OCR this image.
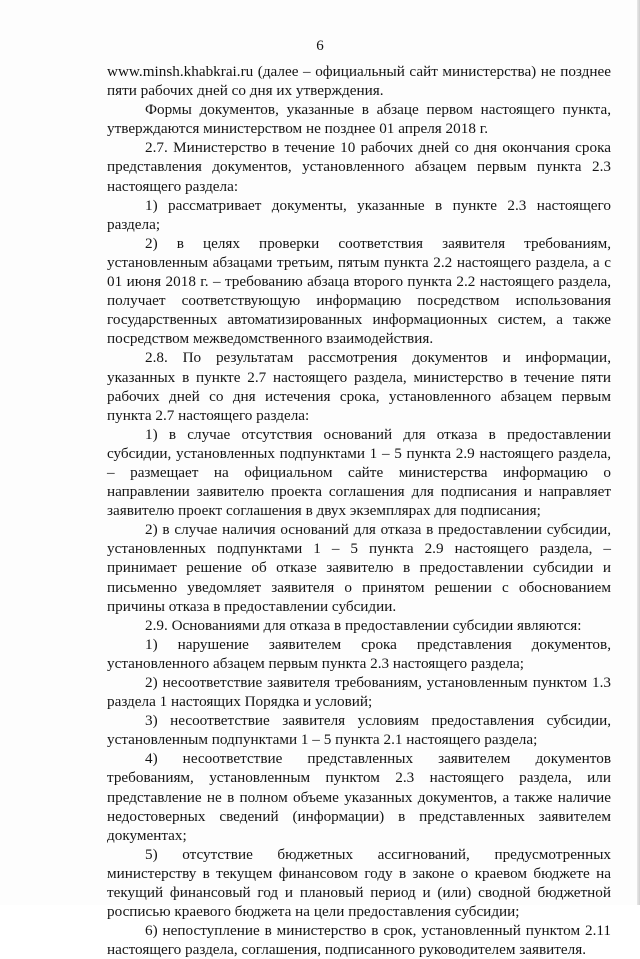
6

www.minsh.khabkrai.ru (далее – официальный сайт министерства) не позднее пяти рабочих дней со дня их утверждения.

Формы документов, указанные в абзаце первом настоящего пункта, утверждаются министерством не позднее 01 апреля 2018 г.

2.7. Министерство в течение 10 рабочих дней со дня окончания срока представления документов, установленного абзацем первым пункта 2.3 настоящего раздела:

1) рассматривает документы, указанные в пункте 2.3 настоящего раздела;

2) в целях проверки соответствия заявителя требованиям, установленным абзацами третьим, пятым пункта 2.2 настоящего раздела, а с 01 июня 2018 г. – требованию абзаца второго пункта 2.2 настоящего раздела, получает соответствующую информацию посредством использования государственных автоматизированных информационных систем, а также посредством межведомственного взаимодействия.

2.8. По результатам рассмотрения документов и информации, указанных в пункте 2.7 настоящего раздела, министерство в течение пяти рабочих дней со дня истечения срока, установленного абзацем первым пункта 2.7 настоящего раздела:

1) в случае отсутствия оснований для отказа в предоставлении субсидии, установленных подпунктами 1 – 5 пункта 2.9 настоящего раздела, – размещает на официальном сайте министерства информацию о направлении заявителю проекта соглашения для подписания и направляет заявителю проект соглашения в двух экземплярах для подписания;

2) в случае наличия оснований для отказа в предоставлении субсидии, установленных подпунктами 1 – 5 пункта 2.9 настоящего раздела, – принимает решение об отказе заявителю в предоставлении субсидии и письменно уведомляет заявителя о принятом решении с обоснованием причины отказа в предоставлении субсидии.

2.9. Основаниями для отказа в предоставлении субсидии являются:

1) нарушение заявителем срока представления документов, установленного абзацем первым пункта 2.3 настоящего раздела;

2) несоответствие заявителя требованиям, установленным пунктом 1.3 раздела 1 настоящих Порядка и условий;

3) несоответствие заявителя условиям предоставления субсидии, установленным подпунктами 1 – 5 пункта 2.1 настоящего раздела;

4) несоответствие представленных заявителем документов требованиям, установленным пунктом 2.3 настоящего раздела, или представление не в полном объеме указанных документов, а также наличие недостоверных сведений (информации) в представленных заявителем документах;

5) отсутствие бюджетных ассигнований, предусмотренных министерству в текущем финансовом году в законе о краевом бюджете на текущий финансовый год и плановый период и (или) сводной бюджетной росписью краевого бюджета на цели предоставления субсидии;

6) непоступление в министерство в срок, установленный пунктом 2.11 настоящего раздела, соглашения, подписанного руководителем заявителя.
